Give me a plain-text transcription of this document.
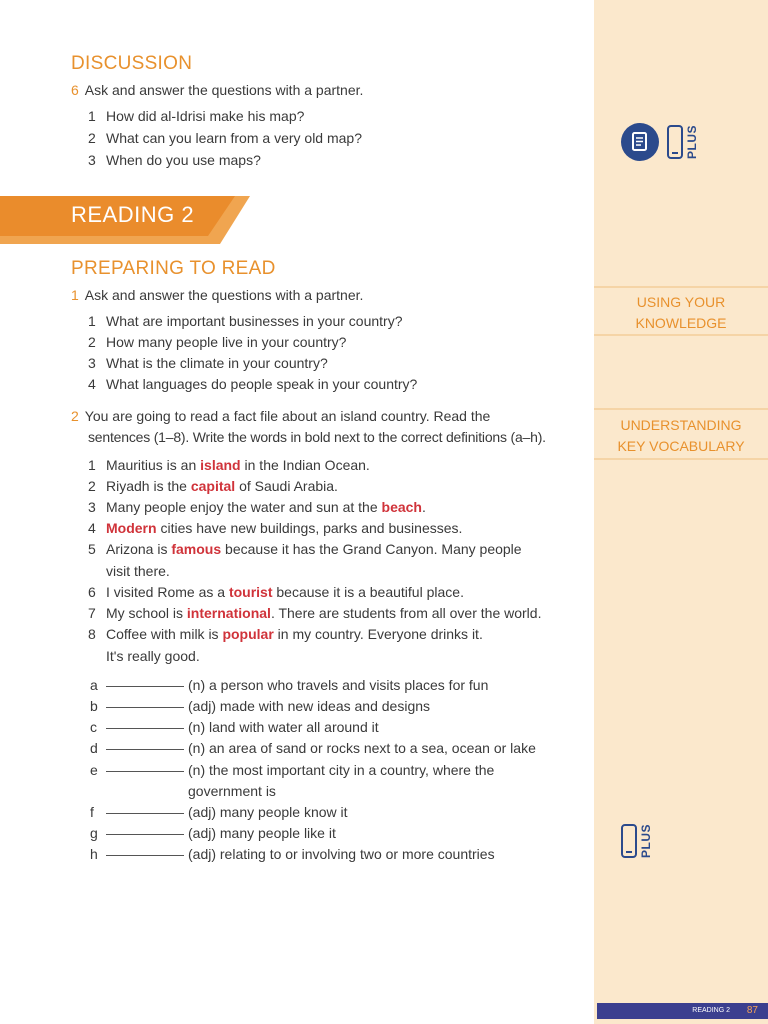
USING YOUR
KNOWLEDGE
UNDERSTANDING
KEY VOCABULARY
PLUS
PLUS
DISCUSSION
6 Ask and answer the questions with a partner.
1 How did al-Idrisi make his map?
2 What can you learn from a very old map?
3 When do you use maps?
READING 2
PREPARING TO READ
1 Ask and answer the questions with a partner.
1 What are important businesses in your country?
2 How many people live in your country?
3 What is the climate in your country?
4 What languages do people speak in your country?
2 You are going to read a fact file about an island country. Read the
sentences (1–8). Write the words in bold next to the correct definitions (a–h).
1 Mauritius is an island in the Indian Ocean.
2 Riyadh is the capital of Saudi Arabia.
3 Many people enjoy the water and sun at the beach.
4 Modern cities have new buildings, parks and businesses.
5 Arizona is famous because it has the Grand Canyon. Many people
visit there.
6 I visited Rome as a tourist because it is a beautiful place.
7 My school is international. There are students from all over the world.
8 Coffee with milk is popular in my country. Everyone drinks it.
It's really good.
a	(n) a person who travels and visits places for fun
b	(adj) made with new ideas and designs
c	(n) land with water all around it
d	(n) an area of sand or rocks next to a sea, ocean or lake
e	(n) the most important city in a country, where the
government is
f	(adj) many people know it
g	(adj) many people like it
h	(adj) relating to or involving two or more countries
READING 2 87
